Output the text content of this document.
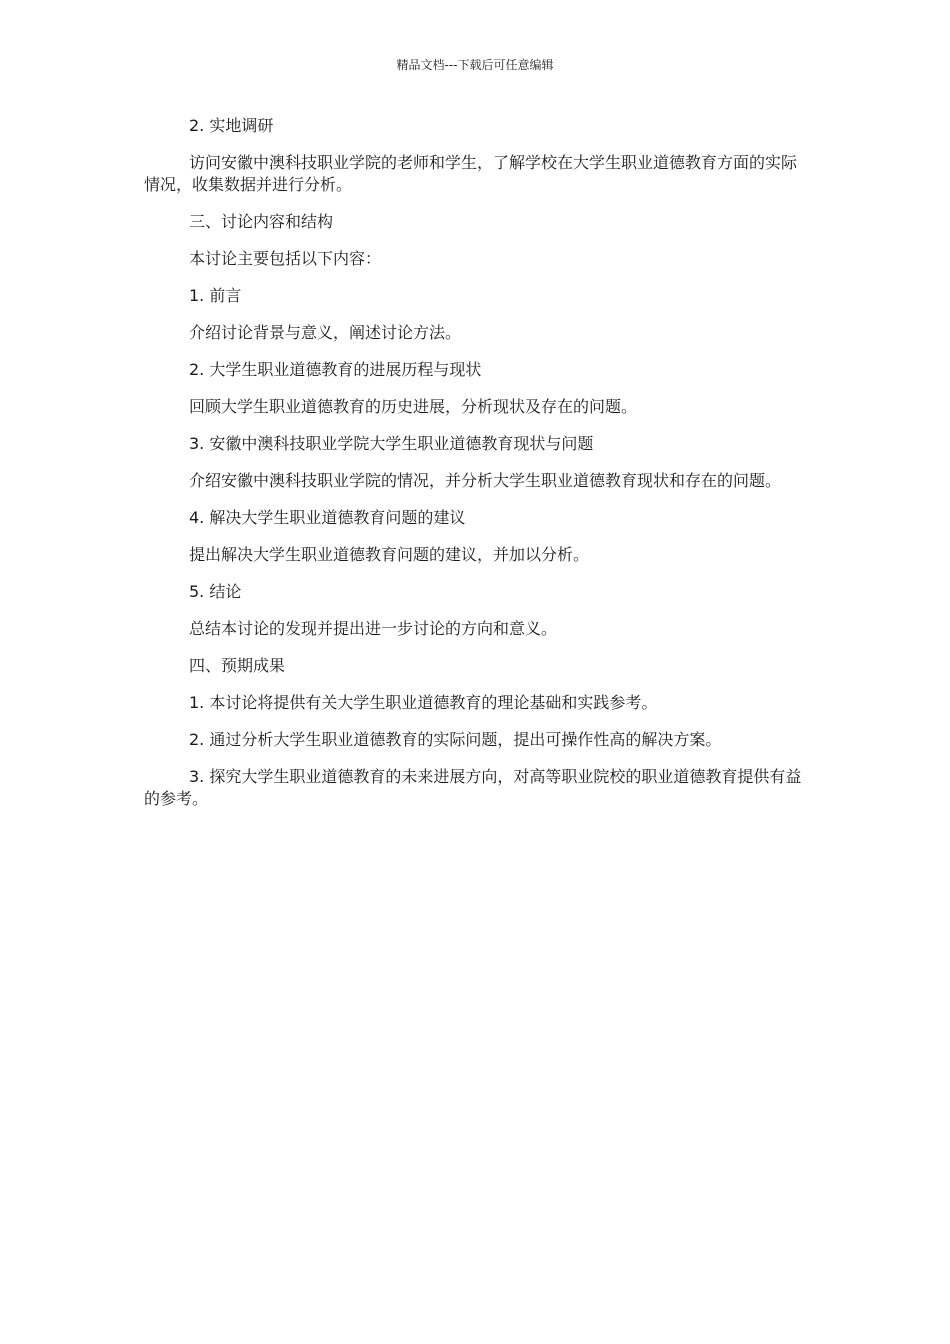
精品文档---下载后可任意编辑

2. 实地调研

访问安徽中澳科技职业学院的老师和学生，了解学校在大学生职业道德教育方面的实际情况，收集数据并进行分析。

三、讨论内容和结构

本讨论主要包括以下内容：

1. 前言

介绍讨论背景与意义，阐述讨论方法。

2. 大学生职业道德教育的进展历程与现状

回顾大学生职业道德教育的历史进展，分析现状及存在的问题。

3. 安徽中澳科技职业学院大学生职业道德教育现状与问题

介绍安徽中澳科技职业学院的情况，并分析大学生职业道德教育现状和存在的问题。

4. 解决大学生职业道德教育问题的建议

提出解决大学生职业道德教育问题的建议，并加以分析。

5. 结论

总结本讨论的发现并提出进一步讨论的方向和意义。

四、预期成果

1. 本讨论将提供有关大学生职业道德教育的理论基础和实践参考。

2. 通过分析大学生职业道德教育的实际问题，提出可操作性高的解决方案。

3. 探究大学生职业道德教育的未来进展方向，对高等职业院校的职业道德教育提供有益的参考。
